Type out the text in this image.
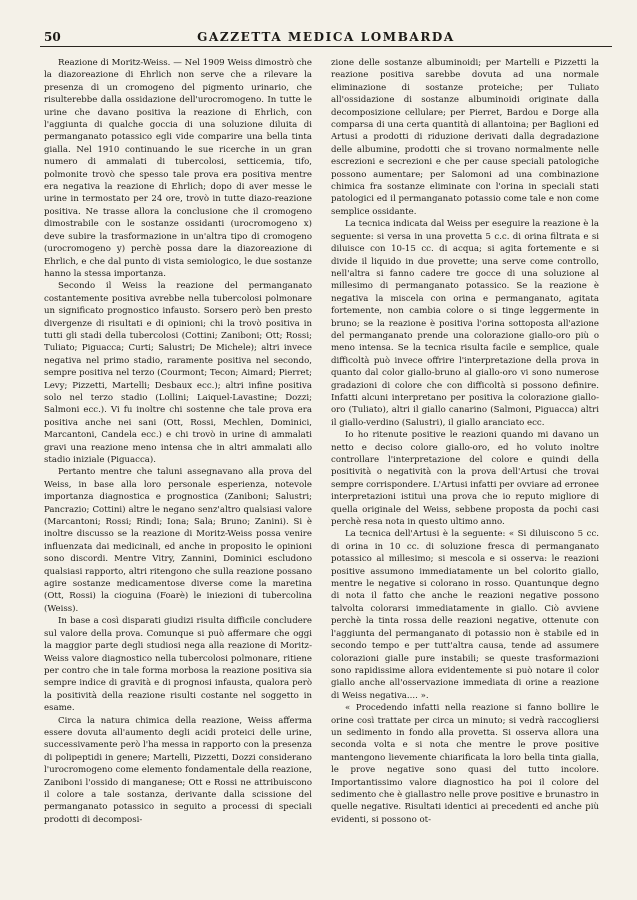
50	GAZZETTA MEDICA LOMBARDA

Reazione di Moritz-Weiss. — Nel 1909 Weiss dimostrò che la diazoreazione di Ehrlich non serve che a rilevare la presenza di un cromogeno del pigmento urinario, che risulterebbe dalla ossidazione dell'urocromogeno. In tutte le urine che davano positiva la reazione di Ehrlich, con l'aggiunta di qualche goccia di una soluzione diluita di permanganato potassico egli vide comparire una bella tinta gialla. Nel 1910 continuando le sue ricerche in un gran numero di ammalati di tubercolosi, setticemia, tifo, polmonite trovò che spesso tale prova era positiva mentre era negativa la reazione di Ehrlich; dopo di aver messe le urine in termostato per 24 ore, trovò in tutte diazo-reazione positiva. Ne trasse allora la conclusione che il cromogeno dimostrabile con le sostanze ossidanti (urocromogeno x) deve subire la trasformazione in un'altra tipo di cromogeno (urocromogeno y) perchè possa dare la diazoreazione di Ehrlich, e che dal punto di vista semiologico, le due sostanze hanno la stessa importanza.

Secondo il Weiss la reazione del permanganato costantemente positiva avrebbe nella tubercolosi polmonare un significato prognostico infausto. Sorsero però ben presto divergenze di risultati e di opinioni; chi la trovò positiva in tutti gli stadi della tubercolosi (Cottini; Zaniboni; Ott; Rossi; Tuliato; Piguacca; Curti; Salustri; De Michele); altri invece negativa nel primo stadio, raramente positiva nel secondo, sempre positiva nel terzo (Courmont; Tecon; Aimard; Pierret; Levy; Pizzetti, Martelli; Desbaux ecc.); altri infine positiva solo nel terzo stadio (Lollini; Laiquel-Lavastine; Dozzi; Salmoni ecc.). Vi fu inoltre chi sostenne che tale prova era positiva anche nei sani (Ott, Rossi, Mechlen, Dominici, Marcantoni, Candela ecc.) e chi trovò in urine di ammalati gravi una reazione meno intensa che in altri ammalati allo stadio iniziale (Piguacca).

Pertanto mentre che taluni assegnavano alla prova del Weiss, in base alla loro personale esperienza, notevole importanza diagnostica e prognostica (Zaniboni; Salustri; Pancrazio; Cottini) altre le negano senz'altro qualsiasi valore (Marcantoni; Rossi; Rindi; Iona; Sala; Bruno; Zanini). Si è inoltre discusso se la reazione di Moritz-Weiss possa venire influenzata dai medicinali, ed anche in proposito le opinioni sono discordi. Mentre Vitry, Zannini, Dominici escludono qualsiasi rapporto, altri ritengono che sulla reazione possano agire sostanze medicamentose diverse come la maretina (Ott, Rossi) la cioguina (Foarè) le iniezioni di tubercolina (Weiss).

In base a così disparati giudizi risulta difficile concludere sul valore della prova. Comunque si può affermare che oggi la maggior parte degli studiosi nega alla reazione di Moritz-Weiss valore diagnostico nella tubercolosi polmonare, ritiene per contro che in tale forma morbosa la reazione positiva sia sempre indice di gravità e di prognosi infausta, qualora però la positività della reazione risulti costante nel soggetto in esame.

Circa la natura chimica della reazione, Weiss afferma essere dovuta all'aumento degli acidi proteici delle urine, successivamente però l'ha messa in rapporto con la presenza di polipeptidi in genere; Martelli, Pizzetti, Dozzi considerano l'urocromogeno come elemento fondamentale della reazione, Zaniboni l'ossido di manganese; Ott e Rossi ne attribuiscono il colore a tale sostanza, derivante dalla scissione del permanganato potassico in seguito a processi di speciali prodotti di decomposi-

zione delle sostanze albuminoidi; per Martelli e Pizzetti la reazione positiva sarebbe dovuta ad una normale eliminazione di sostanze proteiche; per Tuliato all'ossidazione di sostanze albuminoidi originate dalla decomposizione cellulare; per Pierret, Bardou e Dorge alla comparsa di una certa quantità di allantoina; per Baglioni ed Artusi a prodotti di riduzione derivati dalla degradazione delle albumine, prodotti che si trovano normalmente nelle escrezioni e secrezioni e che per cause speciali patologiche possono aumentare; per Salomoni ad una combinazione chimica fra sostanze eliminate con l'orina in speciali stati patologici ed il permanganato potassio come tale e non come semplice ossidante.

La tecnica indicata dal Weiss per eseguire la reazione è la seguente: si versa in una provetta 5 c.c. di orina filtrata e si diluisce con 10-15 cc. di acqua; si agita fortemente e si divide il liquido in due provette; una serve come controllo, nell'altra si fanno cadere tre gocce di una soluzione al millesimo di permanganato potassico. Se la reazione è negativa la miscela con orina e permanganato, agitata fortemente, non cambia colore o si tinge leggermente in bruno; se la reazione è positiva l'orina sottoposta all'azione del permanganato prende una colorazione giallo-oro più o meno intensa. Se la tecnica risulta facile e semplice, quale difficoltà può invece offrire l'interpretazione della prova in quanto dal color giallo-bruno al giallo-oro vi sono numerose gradazioni di colore che con difficoltà si possono definire. Infatti alcuni interpretano per positiva la colorazione giallo-oro (Tuliato), altri il giallo canarino (Salmoni, Piguacca) altri il giallo-verdino (Salustri), il giallo aranciato ecc.

Io ho ritenute positive le reazioni quando mi davano un netto e deciso colore giallo-oro, ed ho voluto inoltre controllare l'interpretazione del colore e quindi della positività o negatività con la prova dell'Artusi che trovai sempre corrispondere. L'Artusi infatti per ovviare ad erronee interpretazioni istituì una prova che io reputo migliore di quella originale del Weiss, sebbene proposta da pochi casi perchè resa nota in questo ultimo anno.

La tecnica dell'Artusi è la seguente: « Si diluiscono 5 cc. di orina in 10 cc. di soluzione fresca di permanganato potassico al millesimo; si mescola e si osserva: le reazioni positive assumono immediatamente un bel colorito giallo, mentre le negative si colorano in rosso. Quantunque degno di nota il fatto che anche le reazioni negative possono talvolta colorarsi immediatamente in giallo. Ciò avviene perchè la tinta rossa delle reazioni negative, ottenute con l'aggiunta del permanganato di potassio non è stabile ed in secondo tempo e per tutt'altra causa, tende ad assumere colorazioni gialle pure instabili; se queste trasformazioni sono rapidissime allora evidentemente si può notare il color giallo anche all'osservazione immediata di orine a reazione di Weiss negativa.... ».

« Procedendo infatti nella reazione si fanno bollire le orine così trattate per circa un minuto; si vedrà raccogliersi un sedimento in fondo alla provetta. Si osserva allora una seconda volta e si nota che mentre le prove positive mantengono lievemente chiarificata la loro bella tinta gialla, le prove negative sono quasi del tutto incolore. Importantissimo valore diagnostico ha poi il colore del sedimento che è giallastro nelle prove positive e brunastro in quelle negative. Risultati identici ai precedenti ed anche più evidenti, si possono ot-
